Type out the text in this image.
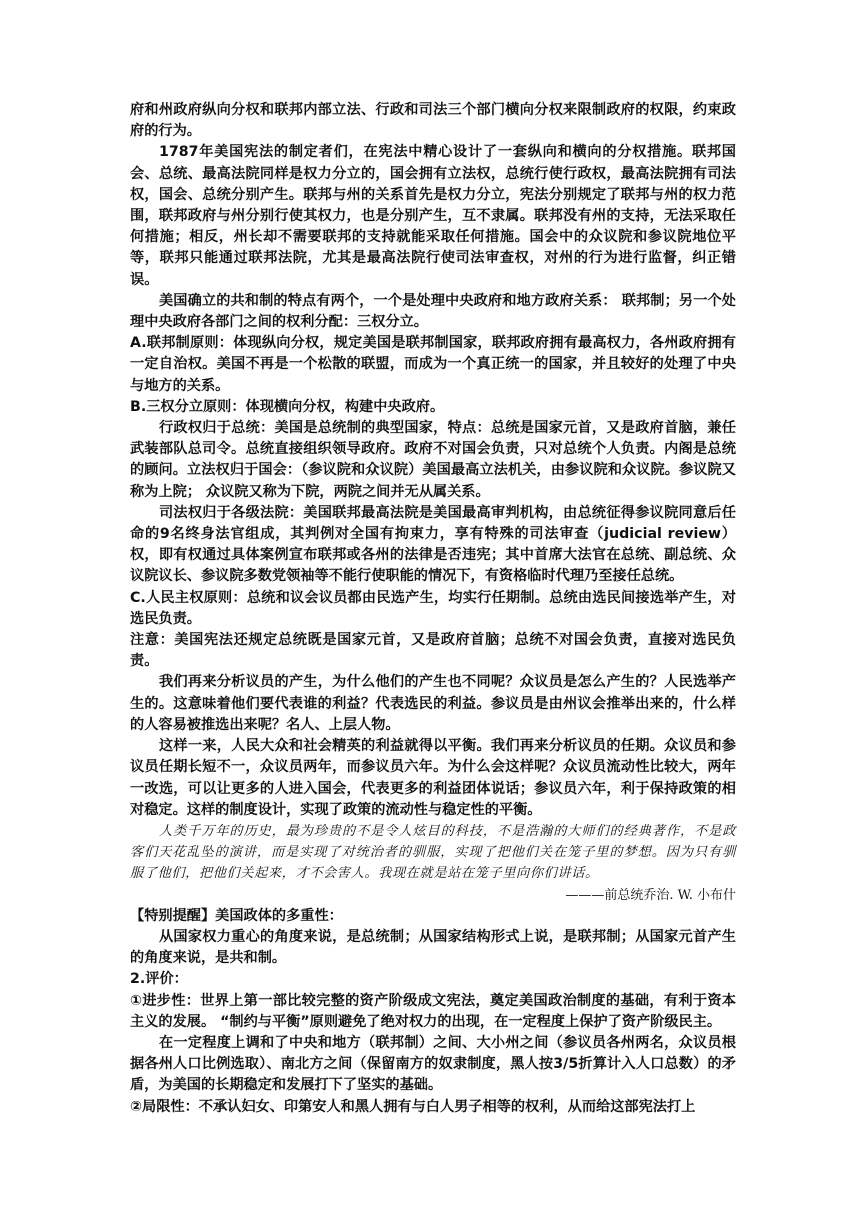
府和州政府纵向分权和联邦内部立法、行政和司法三个部门横向分权来限制政府的权限，约束政府的行为。

1787年美国宪法的制定者们，在宪法中精心设计了一套纵向和横向的分权措施。联邦国会、总统、最高法院同样是权力分立的，国会拥有立法权，总统行使行政权，最高法院拥有司法权，国会、总统分别产生。联邦与州的关系首先是权力分立，宪法分别规定了联邦与州的权力范围，联邦政府与州分别行使其权力，也是分别产生，互不隶属。联邦没有州的支持，无法采取任何措施；相反，州长却不需要联邦的支持就能采取任何措施。国会中的众议院和参议院地位平等，联邦只能通过联邦法院，尤其是最高法院行使司法审查权，对州的行为进行监督，纠正错误。

美国确立的共和制的特点有两个，一个是处理中央政府和地方政府关系： 联邦制；另一个处理中央政府各部门之间的权利分配：三权分立。

A.联邦制原则：体现纵向分权，规定美国是联邦制国家，联邦政府拥有最高权力，各州政府拥有一定自治权。美国不再是一个松散的联盟，而成为一个真正统一的国家，并且较好的处理了中央与地方的关系。

B.三权分立原则：体现横向分权，构建中央政府。

行政权归于总统：美国是总统制的典型国家，特点：总统是国家元首，又是政府首脑，兼任武装部队总司令。总统直接组织领导政府。政府不对国会负责，只对总统个人负责。内阁是总统的顾问。立法权归于国会：（参议院和众议院）美国最高立法机关，由参议院和众议院。参议院又称为上院； 众议院又称为下院，两院之间并无从属关系。

司法权归于各级法院：美国联邦最高法院是美国最高审判机构，由总统征得参议院同意后任命的9名终身法官组成，其判例对全国有拘束力，享有特殊的司法审查（judicial review）权，即有权通过具体案例宣布联邦或各州的法律是否违宪；其中首席大法官在总统、副总统、众议院议长、参议院多数党领袖等不能行使职能的情况下，有资格临时代理乃至接任总统。

C.人民主权原则：总统和议会议员都由民选产生，均实行任期制。总统由选民间接选举产生，对选民负责。

注意：美国宪法还规定总统既是国家元首，又是政府首脑；总统不对国会负责，直接对选民负责。

我们再来分析议员的产生，为什么他们的产生也不同呢？众议员是怎么产生的？人民选举产生的。这意味着他们要代表谁的利益？代表选民的利益。参议员是由州议会推举出来的，什么样的人容易被推选出来呢？名人、上层人物。

这样一来，人民大众和社会精英的利益就得以平衡。我们再来分析议员的任期。众议员和参议员任期长短不一，众议员两年，而参议员六年。为什么会这样呢？众议员流动性比较大，两年一改选，可以让更多的人进入国会，代表更多的利益团体说话；参议员六年，利于保持政策的相对稳定。这样的制度设计，实现了政策的流动性与稳定性的平衡。

人类千万年的历史，最为珍贵的不是令人炫目的科技，不是浩瀚的大师们的经典著作，不是政客们天花乱坠的演讲，而是实现了对统治者的驯服，实现了把他们关在笼子里的梦想。因为只有驯服了他们，把他们关起来，才不会害人。我现在就是站在笼子里向你们讲话。

———前总统乔治. W. 小布什

【特别提醒】美国政体的多重性：

从国家权力重心的角度来说，是总统制；从国家结构形式上说，是联邦制；从国家元首产生的角度来说，是共和制。

2.评价：

①进步性：世界上第一部比较完整的资产阶级成文宪法，奠定美国政治制度的基础，有利于资本主义的发展。 “制约与平衡”原则避免了绝对权力的出现，在一定程度上保护了资产阶级民主。

在一定程度上调和了中央和地方（联邦制）之间、大小州之间（参议员各州两名，众议员根据各州人口比例选取）、南北方之间（保留南方的奴隶制度，黑人按3/5折算计入人口总数）的矛盾，为美国的长期稳定和发展打下了坚实的基础。

②局限性：不承认妇女、印第安人和黑人拥有与白人男子相等的权利，从而给这部宪法打上
